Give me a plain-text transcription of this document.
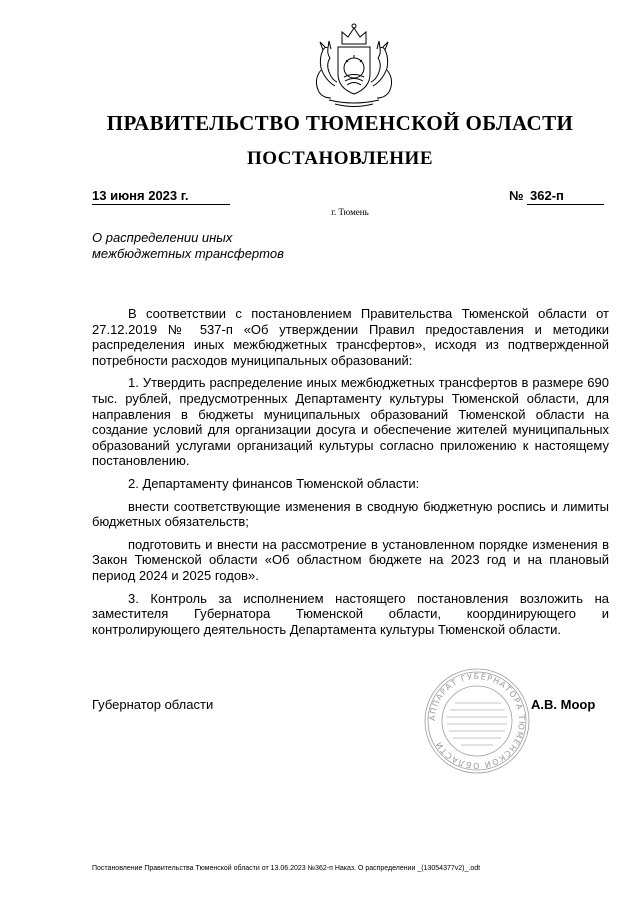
ПРАВИТЕЛЬСТВО ТЮМЕНСКОЙ ОБЛАСТИ
ПОСТАНОВЛЕНИЕ
13 июня 2023 г.	№ 362-п
г. Тюмень
О распределении иных
межбюджетных трансфертов

В соответствии с постановлением Правительства Тюменской области от 27.12.2019 № 537-п «Об утверждении Правил предоставления и методики распределения иных межбюджетных трансфертов», исходя из подтвержденной потребности расходов муниципальных образований:

1. Утвердить распределение иных межбюджетных трансфертов в размере 690 тыс. рублей, предусмотренных Департаменту культуры Тюменской области, для направления в бюджеты муниципальных образований Тюменской области на создание условий для организации досуга и обеспечение жителей муниципальных образований услугами организаций культуры согласно приложению к настоящему постановлению.

2. Департаменту финансов Тюменской области:

внести соответствующие изменения в сводную бюджетную роспись и лимиты бюджетных обязательств;

подготовить и внести на рассмотрение в установленном порядке изменения в Закон Тюменской области «Об областном бюджете на 2023 год и на плановый период 2024 и 2025 годов».

3. Контроль за исполнением настоящего постановления возложить на заместителя Губернатора Тюменской области, координирующего и контролирующего деятельность Департамента культуры Тюменской области.

Губернатор области
АППАРАТ ГУБЕРНАТОРА ТЮМЕНСКОЙ ОБЛАСТИ
А.В. Моор
Постановление Правительства Тюменской области от 13.06.2023 №362-п Наказ. О распределении _(13054377v2)_.odt
